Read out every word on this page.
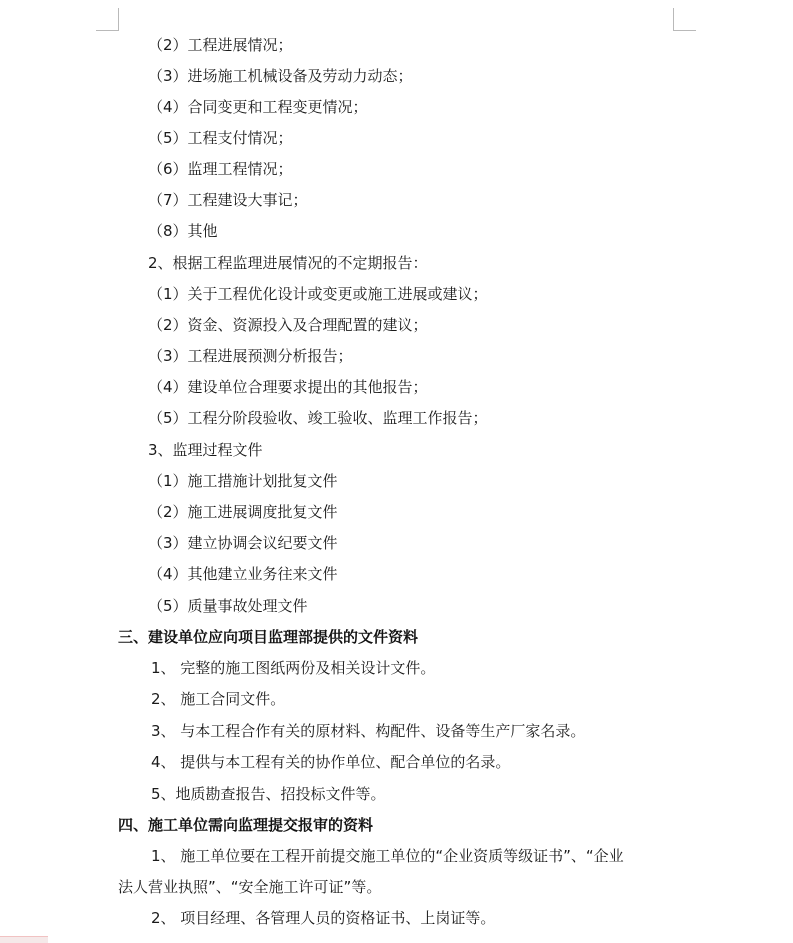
（2）工程进展情况；
（3）进场施工机械设备及劳动力动态；
（4）合同变更和工程变更情况；
（5）工程支付情况；
（6）监理工程情况；
（7）工程建设大事记；
（8）其他
2、根据工程监理进展情况的不定期报告：
（1）关于工程优化设计或变更或施工进展或建议；
（2）资金、资源投入及合理配置的建议；
（3）工程进展预测分析报告；
（4）建设单位合理要求提出的其他报告；
（5）工程分阶段验收、竣工验收、监理工作报告；
3、监理过程文件
（1）施工措施计划批复文件
（2）施工进展调度批复文件
（3）建立协调会议纪要文件
（4）其他建立业务往来文件
（5）质量事故处理文件
三、建设单位应向项目监理部提供的文件资料
1、 完整的施工图纸两份及相关设计文件。
2、 施工合同文件。
3、 与本工程合作有关的原材料、构配件、设备等生产厂家名录。
4、 提供与本工程有关的协作单位、配合单位的名录。
5、地质勘查报告、招投标文件等。
四、施工单位需向监理提交报审的资料
1、 施工单位要在工程开前提交施工单位的“企业资质等级证书”、“企业
法人营业执照”、“安全施工许可证”等。
2、 项目经理、各管理人员的资格证书、上岗证等。
